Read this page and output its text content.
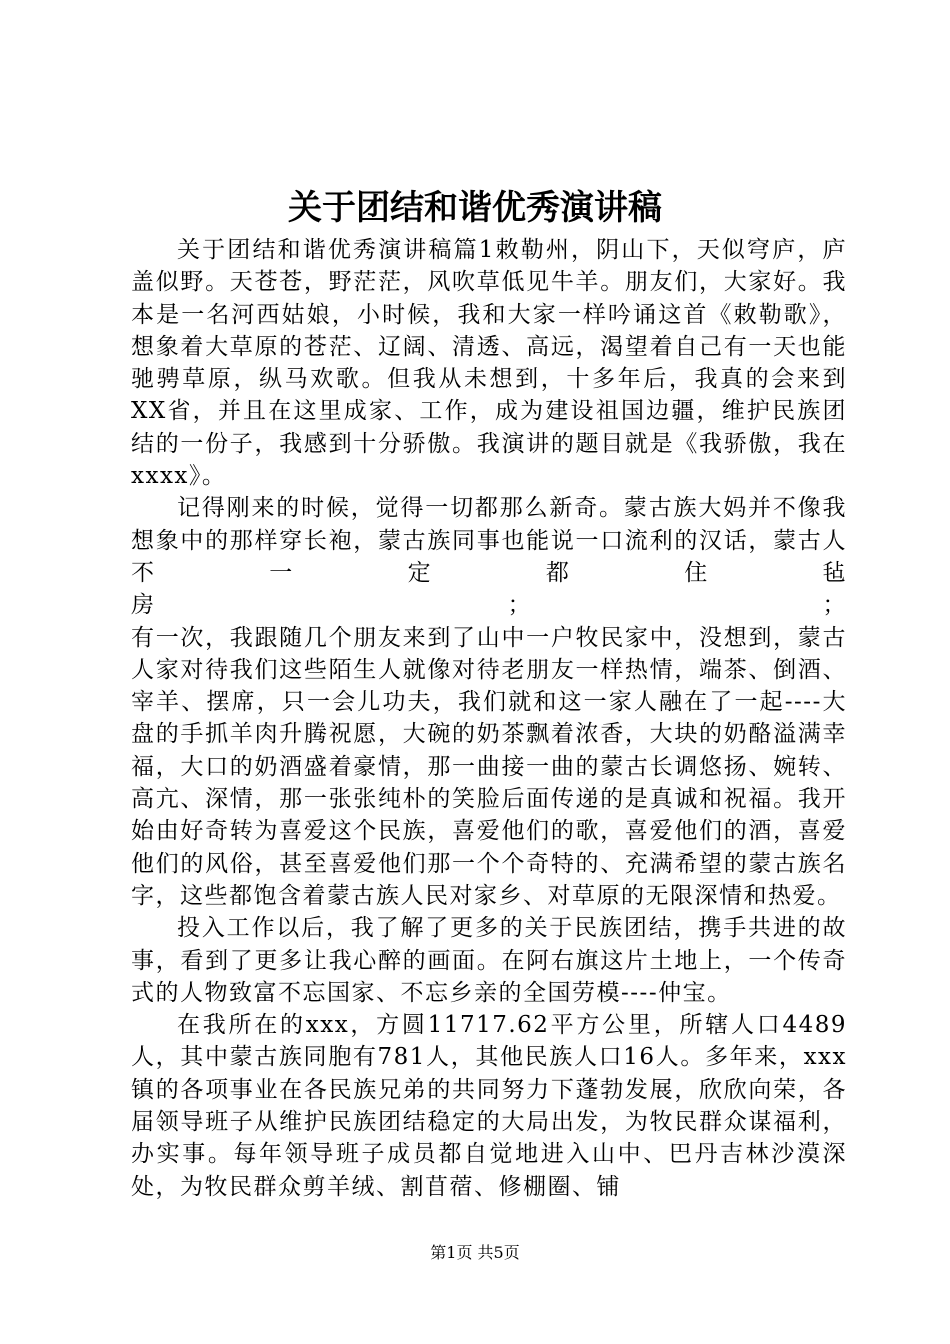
关于团结和谐优秀演讲稿

关于团结和谐优秀演讲稿篇1敕勒州，阴山下，天似穹庐，庐盖似野。天苍苍，野茫茫，风吹草低见牛羊。朋友们，大家好。我本是一名河西姑娘，小时候，我和大家一样吟诵这首《敕勒歌》，想象着大草原的苍茫、辽阔、清透、高远，渴望着自己有一天也能驰骋草原，纵马欢歌。但我从未想到，十多年后，我真的会来到XX省，并且在这里成家、工作，成为建设祖国边疆，维护民族团结的一份子，我感到十分骄傲。我演讲的题目就是《我骄傲，我在xxxx》。

记得刚来的时候，觉得一切都那么新奇。蒙古族大妈并不像我想象中的那样穿长袍，蒙古族同事也能说一口流利的汉话，蒙古人不一定都住毡房　　　　　　　　　　　　　　；　　　　　　　　　　　　；有一次，我跟随几个朋友来到了山中一户牧民家中，没想到，蒙古人家对待我们这些陌生人就像对待老朋友一样热情，端茶、倒酒、宰羊、摆席，只一会儿功夫，我们就和这一家人融在了一起----大盘的手抓羊肉升腾祝愿，大碗的奶茶飘着浓香，大块的奶酪溢满幸福，大口的奶酒盛着豪情，那一曲接一曲的蒙古长调悠扬、婉转、高亢、深情，那一张张纯朴的笑脸后面传递的是真诚和祝福。我开始由好奇转为喜爱这个民族，喜爱他们的歌，喜爱他们的酒，喜爱他们的风俗，甚至喜爱他们那一个个奇特的、充满希望的蒙古族名字，这些都饱含着蒙古族人民对家乡、对草原的无限深情和热爱。

投入工作以后，我了解了更多的关于民族团结，携手共进的故事，看到了更多让我心醉的画面。在阿右旗这片土地上，一个传奇式的人物致富不忘国家、不忘乡亲的全国劳模----仲宝。

在我所在的xxx，方圆11717.62平方公里，所辖人口4489人，其中蒙古族同胞有781人，其他民族人口16人。多年来，xxx镇的各项事业在各民族兄弟的共同努力下蓬勃发展，欣欣向荣，各届领导班子从维护民族团结稳定的大局出发，为牧民群众谋福利，办实事。每年领导班子成员都自觉地进入山中、巴丹吉林沙漠深处，为牧民群众剪羊绒、割苜蓿、修棚圈、铺

第1页 共5页
